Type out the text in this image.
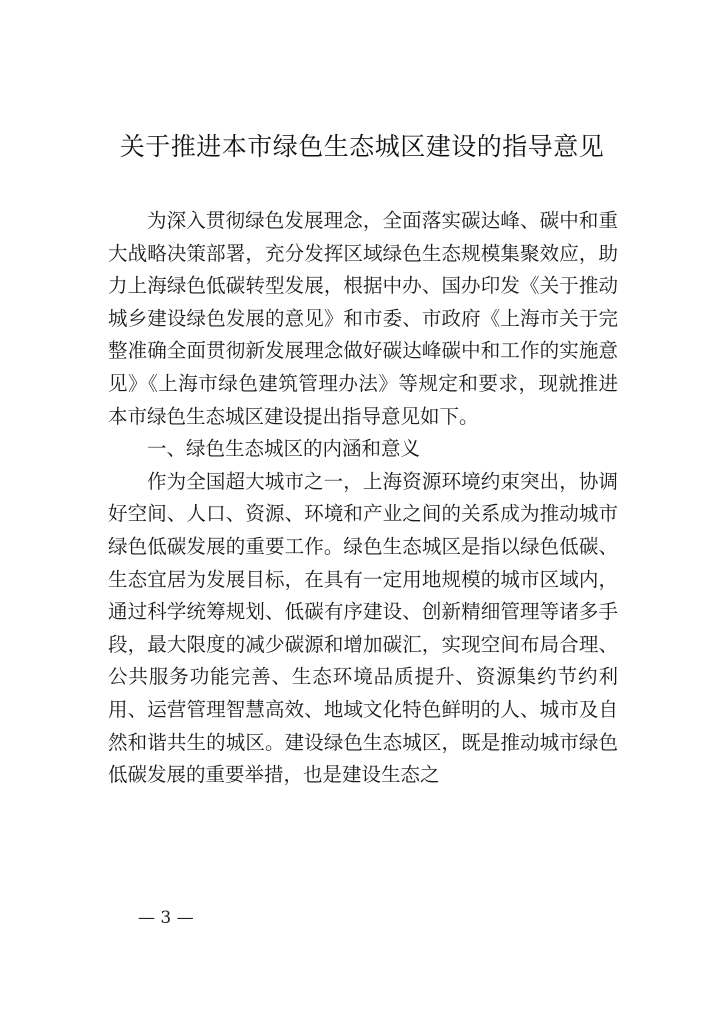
关于推进本市绿色生态城区建设的指导意见

为深入贯彻绿色发展理念，全面落实碳达峰、碳中和重大战略决策部署，充分发挥区域绿色生态规模集聚效应，助力上海绿色低碳转型发展，根据中办、国办印发《关于推动城乡建设绿色发展的意见》和市委、市政府《上海市关于完整准确全面贯彻新发展理念做好碳达峰碳中和工作的实施意见》《上海市绿色建筑管理办法》等规定和要求，现就推进本市绿色生态城区建设提出指导意见如下。

一、绿色生态城区的内涵和意义

作为全国超大城市之一，上海资源环境约束突出，协调好空间、人口、资源、环境和产业之间的关系成为推动城市绿色低碳发展的重要工作。绿色生态城区是指以绿色低碳、生态宜居为发展目标，在具有一定用地规模的城市区域内，通过科学统筹规划、低碳有序建设、创新精细管理等诸多手段，最大限度的减少碳源和增加碳汇，实现空间布局合理、公共服务功能完善、生态环境品质提升、资源集约节约利用、运营管理智慧高效、地域文化特色鲜明的人、城市及自然和谐共生的城区。建设绿色生态城区，既是推动城市绿色低碳发展的重要举措，也是建设生态之

— 3 —
